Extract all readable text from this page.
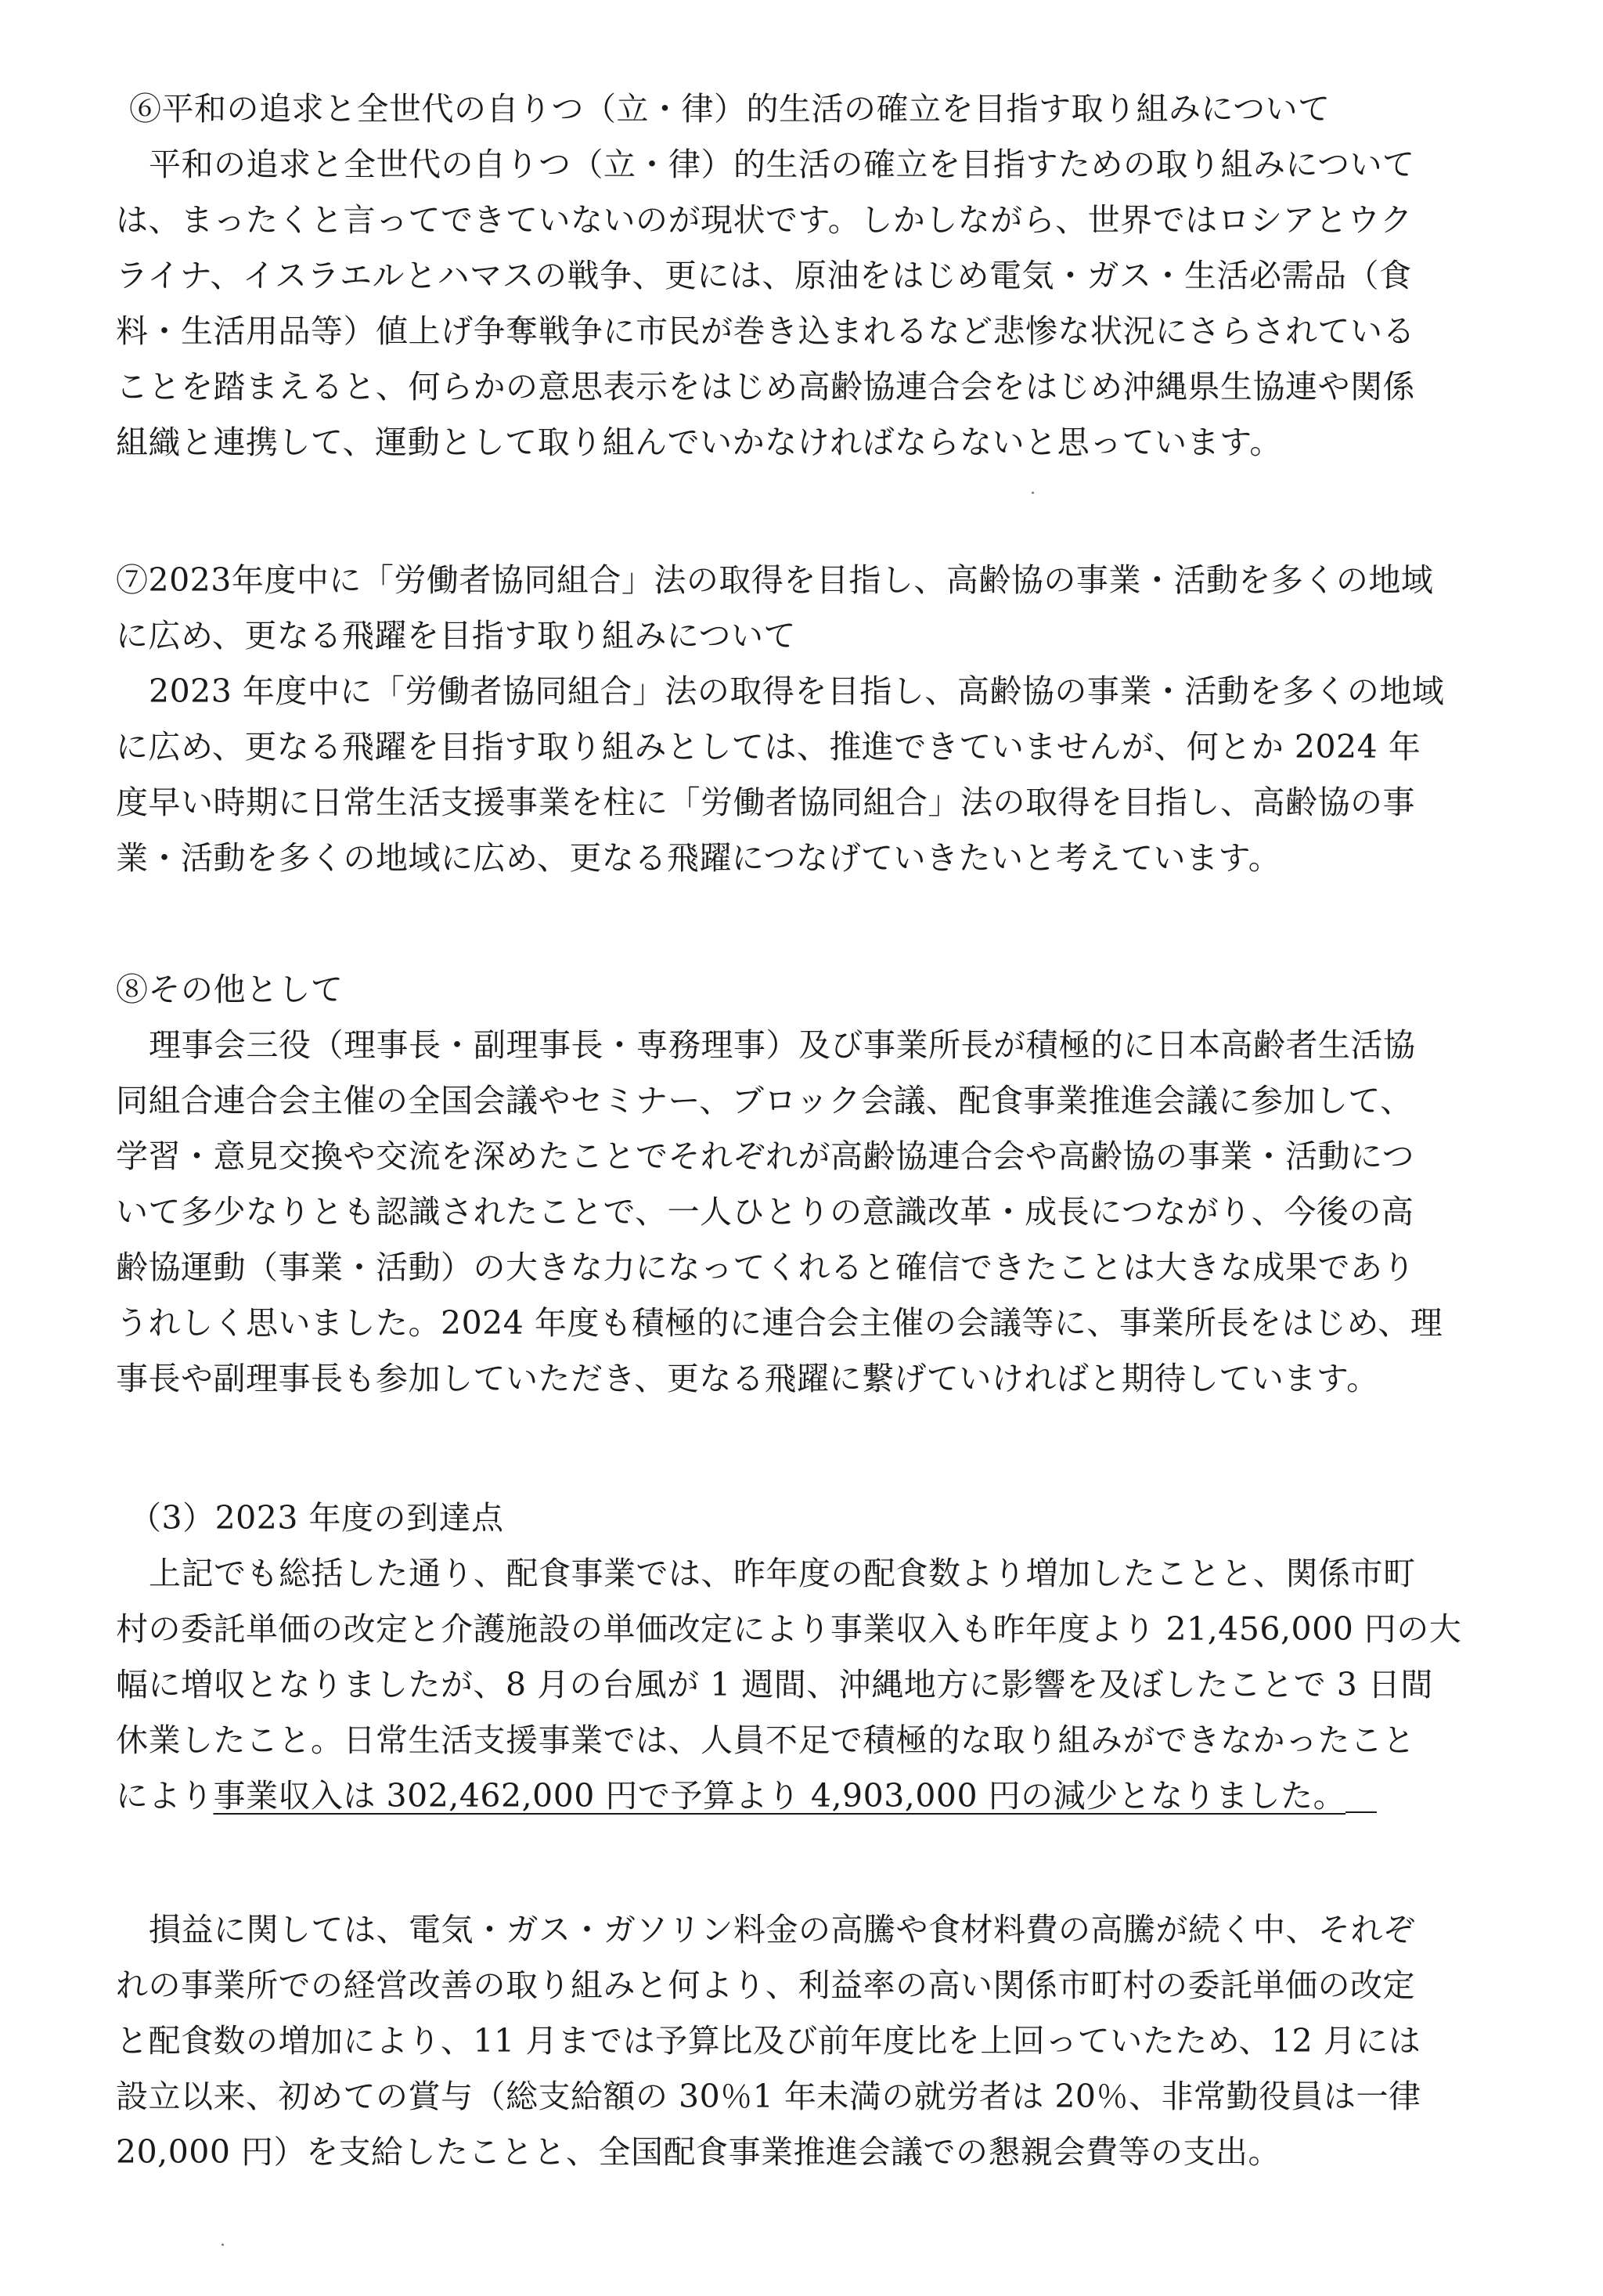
⑥平和の追求と全世代の自りつ（立・律）的生活の確立を目指す取り組みについて
平和の追求と全世代の自りつ（立・律）的生活の確立を目指すための取り組みについて
は、まったくと言ってできていないのが現状です。しかしながら、世界ではロシアとウク
ライナ、イスラエルとハマスの戦争、更には、原油をはじめ電気・ガス・生活必需品（食
料・生活用品等）値上げ争奪戦争に市民が巻き込まれるなど悲惨な状況にさらされている
ことを踏まえると、何らかの意思表示をはじめ高齢協連合会をはじめ沖縄県生協連や関係
組織と連携して、運動として取り組んでいかなければならないと思っています。
⑦2023年度中に「労働者協同組合」法の取得を目指し、高齢協の事業・活動を多くの地域
に広め、更なる飛躍を目指す取り組みについて
2023 年度中に「労働者協同組合」法の取得を目指し、高齢協の事業・活動を多くの地域
に広め、更なる飛躍を目指す取り組みとしては、推進できていませんが、何とか 2024 年
度早い時期に日常生活支援事業を柱に「労働者協同組合」法の取得を目指し、高齢協の事
業・活動を多くの地域に広め、更なる飛躍につなげていきたいと考えています。
⑧その他として
理事会三役（理事長・副理事長・専務理事）及び事業所長が積極的に日本高齢者生活協
同組合連合会主催の全国会議やセミナー、ブロック会議、配食事業推進会議に参加して、
学習・意見交換や交流を深めたことでそれぞれが高齢協連合会や高齢協の事業・活動につ
いて多少なりとも認識されたことで、一人ひとりの意識改革・成長につながり、今後の高
齢協運動（事業・活動）の大きな力になってくれると確信できたことは大きな成果であり
うれしく思いました。2024 年度も積極的に連合会主催の会議等に、事業所長をはじめ、理
事長や副理事長も参加していただき、更なる飛躍に繋げていければと期待しています。
（3）2023 年度の到達点
上記でも総括した通り、配食事業では、昨年度の配食数より増加したことと、関係市町
村の委託単価の改定と介護施設の単価改定により事業収入も昨年度より 21,456,000 円の大
幅に増収となりましたが、8 月の台風が 1 週間、沖縄地方に影響を及ぼしたことで 3 日間
休業したこと。日常生活支援事業では、人員不足で積極的な取り組みができなかったこと
により事業収入は 302,462,000 円で予算より 4,903,000 円の減少となりました。
損益に関しては、電気・ガス・ガソリン料金の高騰や食材料費の高騰が続く中、それぞ
れの事業所での経営改善の取り組みと何より、利益率の高い関係市町村の委託単価の改定
と配食数の増加により、11 月までは予算比及び前年度比を上回っていたため、12 月には
設立以来、初めての賞与（総支給額の 30％1 年未満の就労者は 20％、非常勤役員は一律
20,000 円）を支給したことと、全国配食事業推進会議での懇親会費等の支出。
